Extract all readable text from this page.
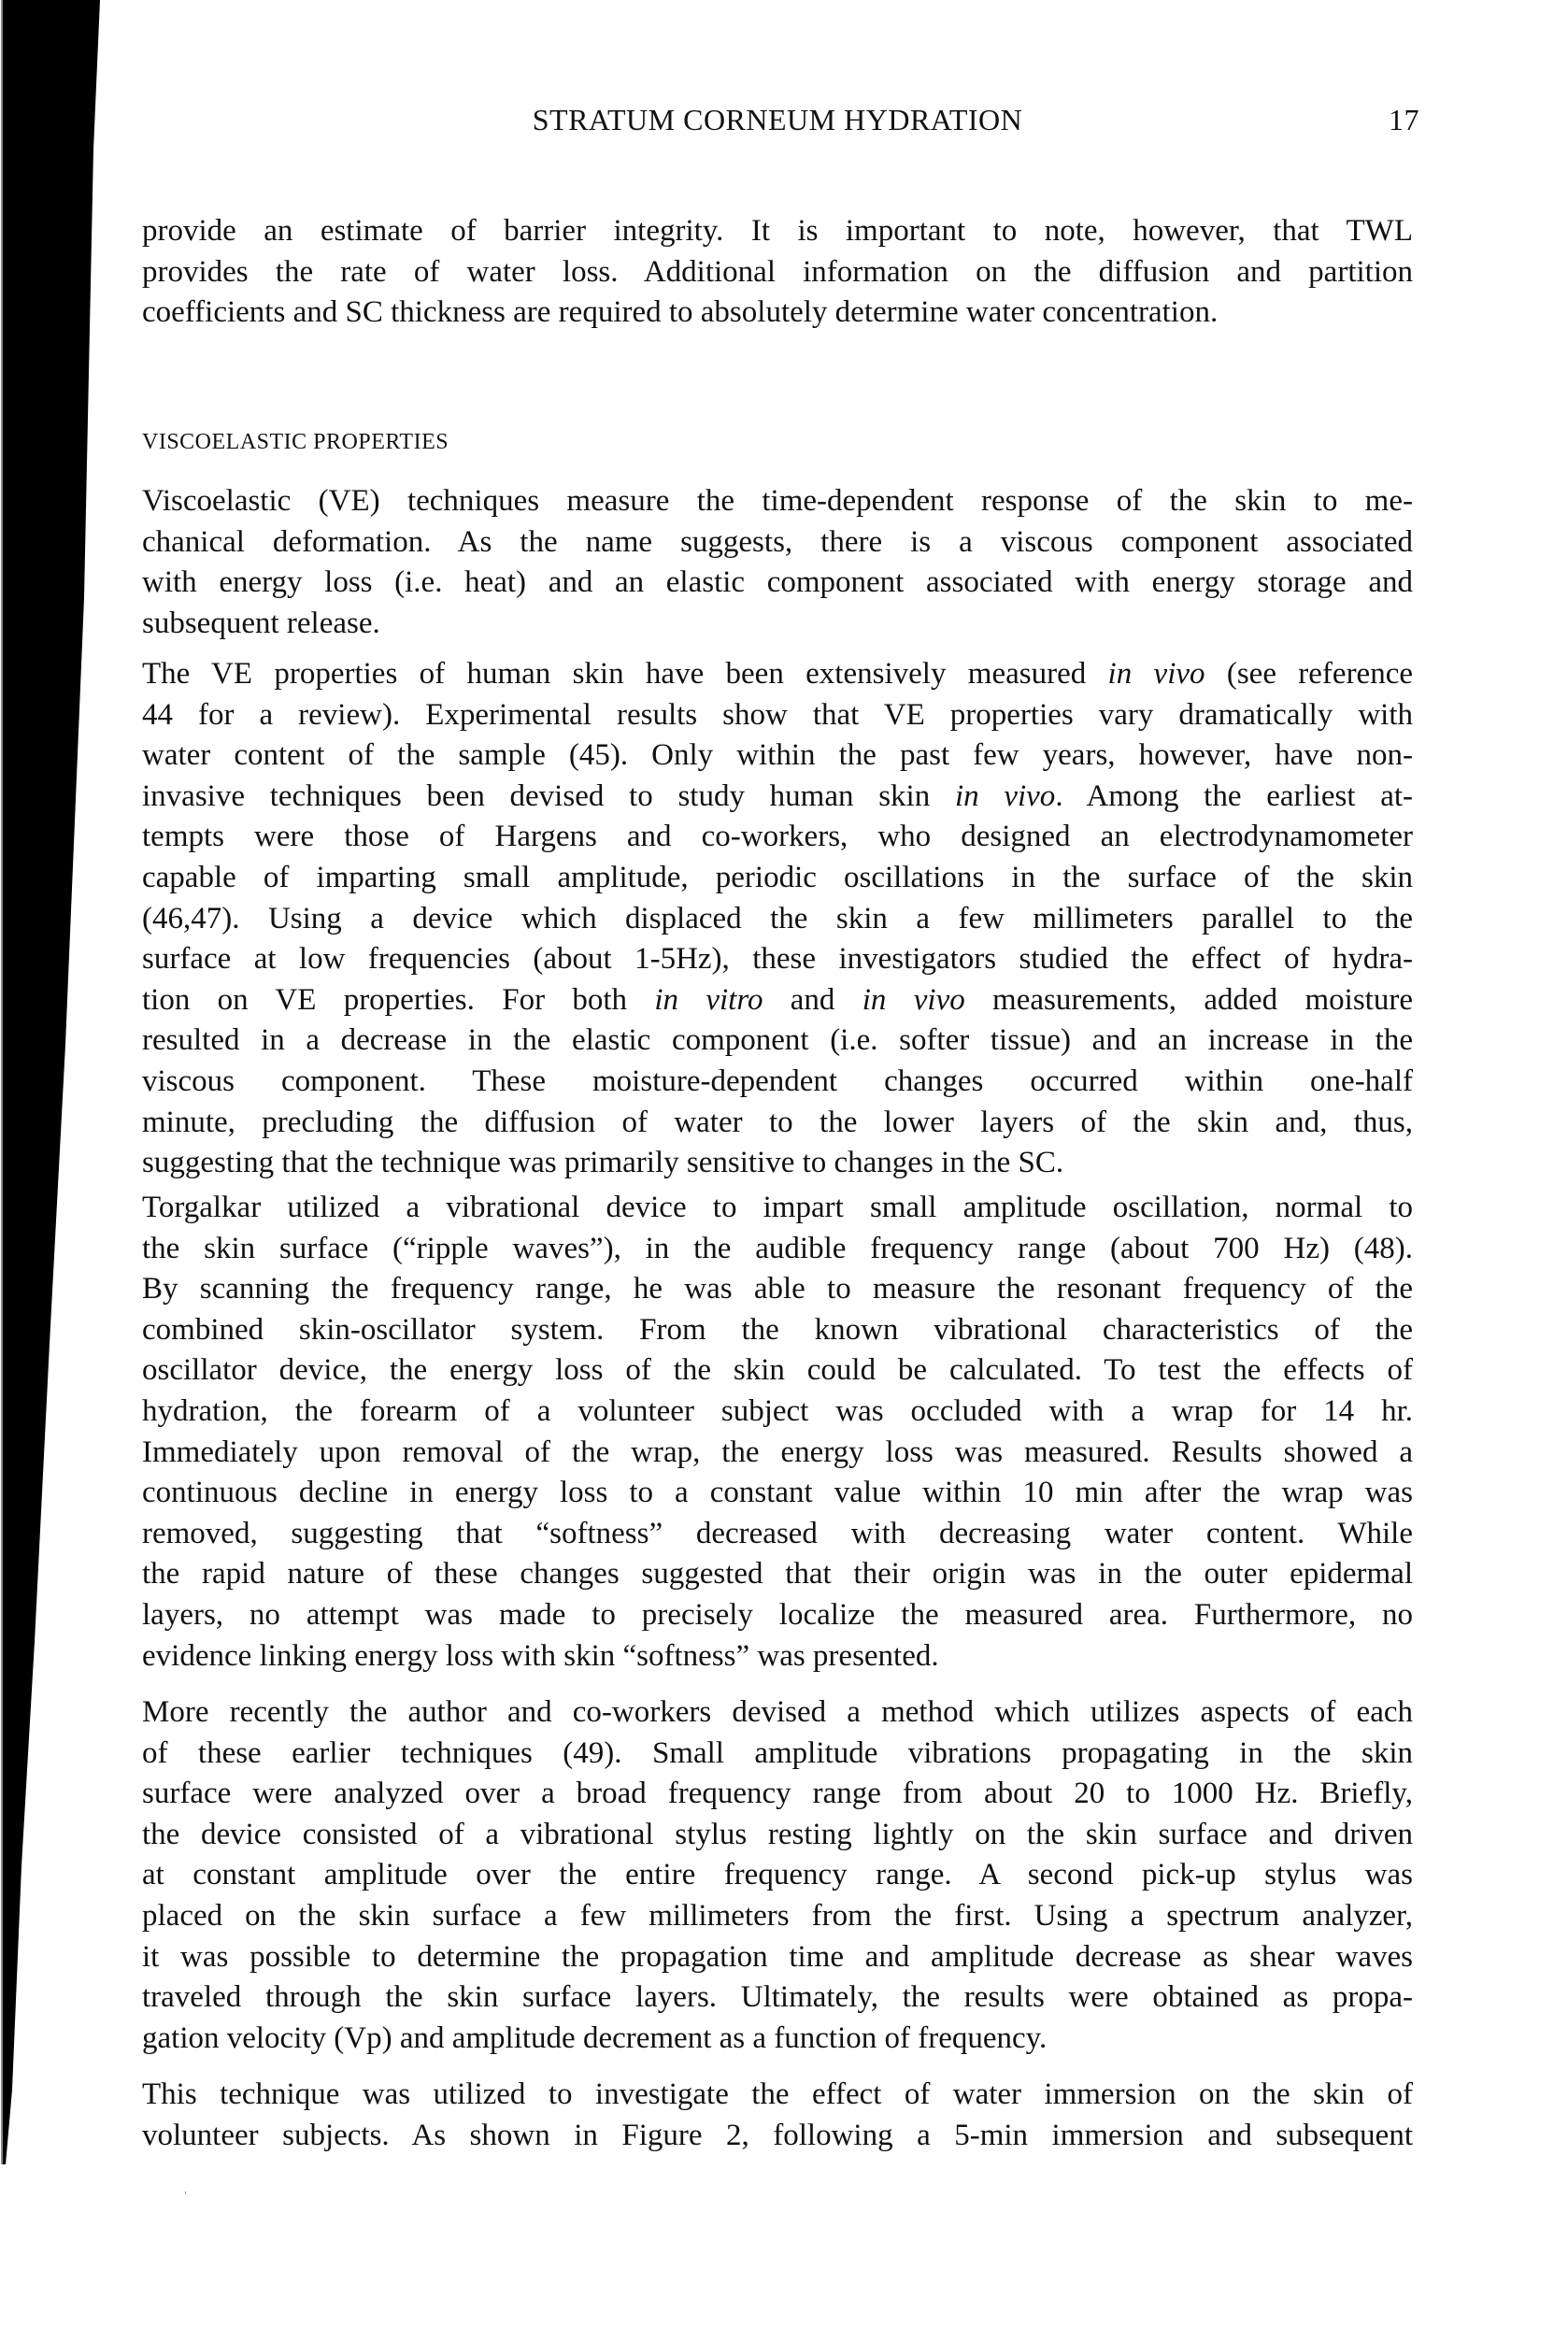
STRATUM CORNEUM HYDRATION	17
VISCOELASTIC PROPERTIES
provide an estimate of barrier integrity. It is important to note, however, that TWL
provides the rate of water loss. Additional information on the diffusion and partition
coefficients and SC thickness are required to absolutely determine water concentration.
Viscoelastic (VE) techniques measure the time-dependent response of the skin to me-
chanical deformation. As the name suggests, there is a viscous component associated
with energy loss (i.e. heat) and an elastic component associated with energy storage and
subsequent release.
The VE properties of human skin have been extensively measured in vivo (see reference
44 for a review). Experimental results show that VE properties vary dramatically with
water content of the sample (45). Only within the past few years, however, have non-
invasive techniques been devised to study human skin in vivo. Among the earliest at-
tempts were those of Hargens and co-workers, who designed an electrodynamometer
capable of imparting small amplitude, periodic oscillations in the surface of the skin
(46,47). Using a device which displaced the skin a few millimeters parallel to the
surface at low frequencies (about 1-5Hz), these investigators studied the effect of hydra-
tion on VE properties. For both in vitro and in vivo measurements, added moisture
resulted in a decrease in the elastic component (i.e. softer tissue) and an increase in the
viscous component. These moisture-dependent changes occurred within one-half
minute, precluding the diffusion of water to the lower layers of the skin and, thus,
suggesting that the technique was primarily sensitive to changes in the SC.
Torgalkar utilized a vibrational device to impart small amplitude oscillation, normal to
the skin surface (“ripple waves”), in the audible frequency range (about 700 Hz) (48).
By scanning the frequency range, he was able to measure the resonant frequency of the
combined skin-oscillator system. From the known vibrational characteristics of the
oscillator device, the energy loss of the skin could be calculated. To test the effects of
hydration, the forearm of a volunteer subject was occluded with a wrap for 14 hr.
Immediately upon removal of the wrap, the energy loss was measured. Results showed a
continuous decline in energy loss to a constant value within 10 min after the wrap was
removed, suggesting that “softness” decreased with decreasing water content. While
the rapid nature of these changes suggested that their origin was in the outer epidermal
layers, no attempt was made to precisely localize the measured area. Furthermore, no
evidence linking energy loss with skin “softness” was presented.
More recently the author and co-workers devised a method which utilizes aspects of each
of these earlier techniques (49). Small amplitude vibrations propagating in the skin
surface were analyzed over a broad frequency range from about 20 to 1000 Hz. Briefly,
the device consisted of a vibrational stylus resting lightly on the skin surface and driven
at constant amplitude over the entire frequency range. A second pick-up stylus was
placed on the skin surface a few millimeters from the first. Using a spectrum analyzer,
it was possible to determine the propagation time and amplitude decrease as shear waves
traveled through the skin surface layers. Ultimately, the results were obtained as propa-
gation velocity (Vp) and amplitude decrement as a function of frequency.
This technique was utilized to investigate the effect of water immersion on the skin of
volunteer subjects. As shown in Figure 2, following a 5-min immersion and subsequent
